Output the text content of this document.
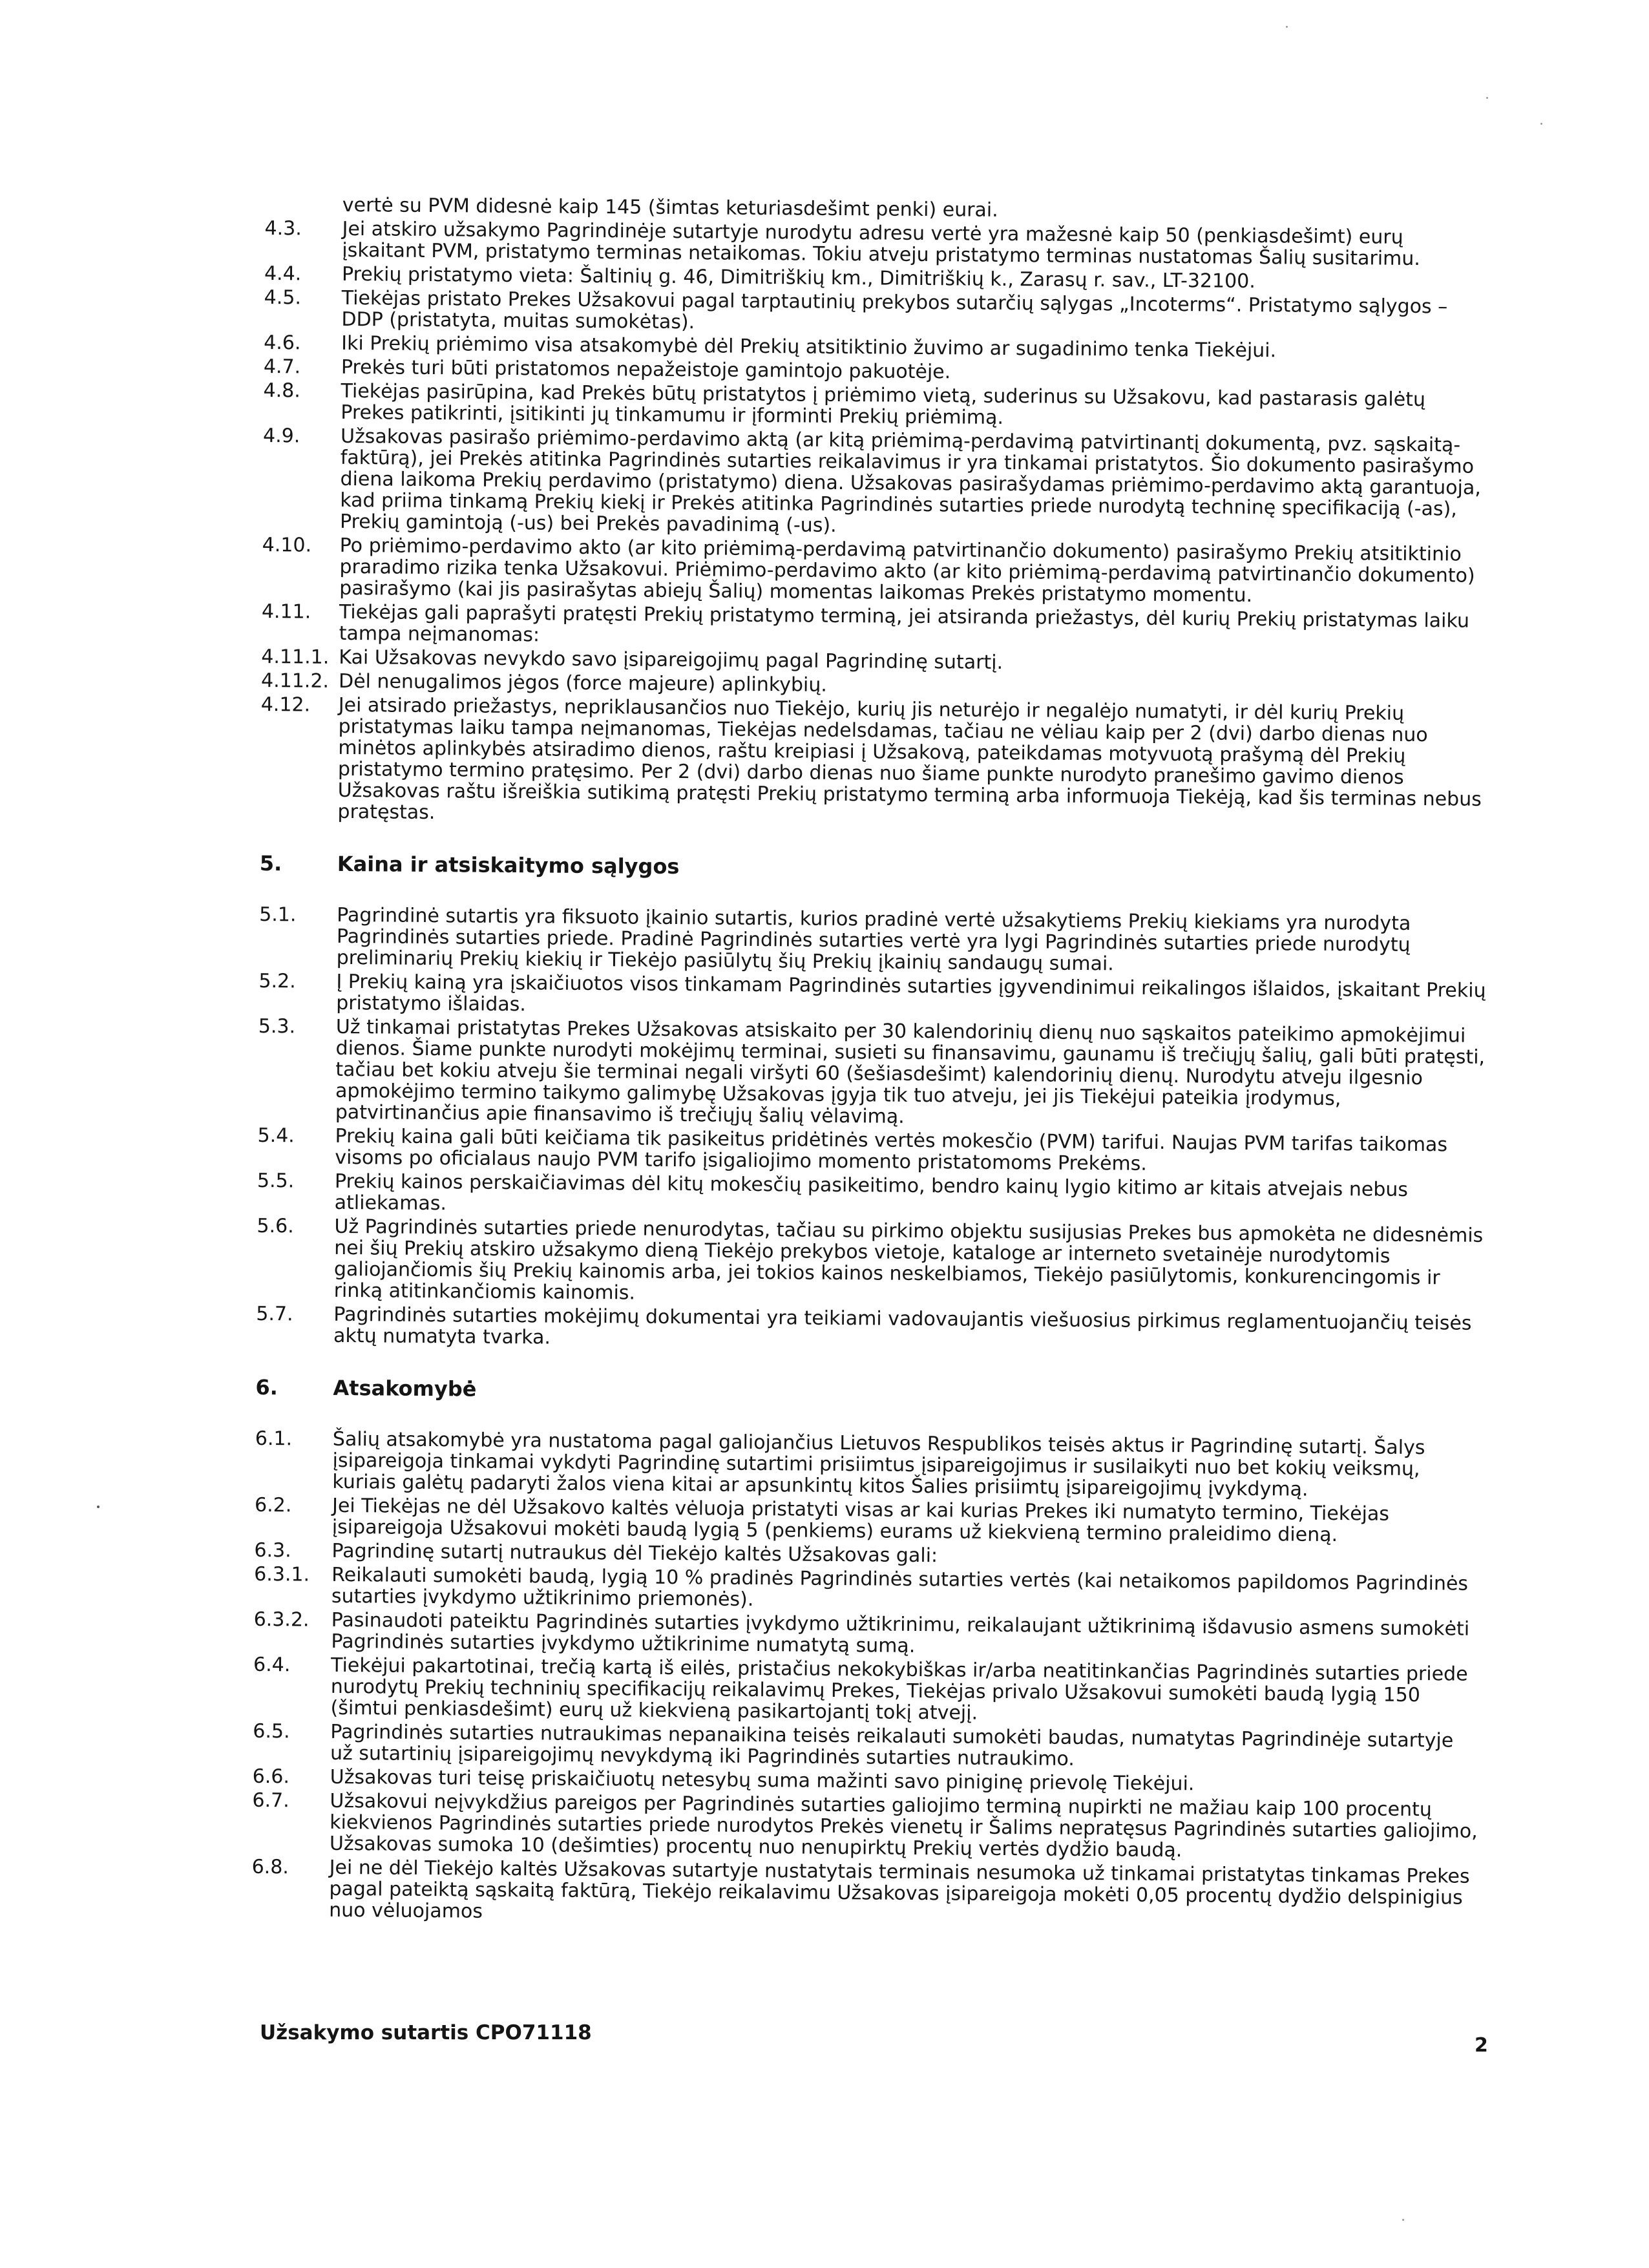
vertė su PVM didesnė kaip 145 (šimtas keturiasdešimt penki) eurai.
4.3. Jei atskiro užsakymo Pagrindinėje sutartyje nurodytu adresu vertė yra mažesnė kaip 50 (penkiasdešimt) eurų įskaitant PVM, pristatymo terminas netaikomas. Tokiu atveju pristatymo terminas nustatomas Šalių susitarimu.
4.4. Prekių pristatymo vieta: Šaltinių g. 46, Dimitriškių km., Dimitriškių k., Zarasų r. sav., LT-32100.
4.5. Tiekėjas pristato Prekes Užsakovui pagal tarptautinių prekybos sutarčių sąlygas „Incoterms“. Pristatymo sąlygos – DDP (pristatyta, muitas sumokėtas).
4.6. Iki Prekių priėmimo visa atsakomybė dėl Prekių atsitiktinio žuvimo ar sugadinimo tenka Tiekėjui.
4.7. Prekės turi būti pristatomos nepažeistoje gamintojo pakuotėje.
4.8. Tiekėjas pasirūpina, kad Prekės būtų pristatytos į priėmimo vietą, suderinus su Užsakovu, kad pastarasis galėtų Prekes patikrinti, įsitikinti jų tinkamumu ir įforminti Prekių priėmimą.
4.9. Užsakovas pasirašo priėmimo-perdavimo aktą (ar kitą priėmimą-perdavimą patvirtinantį dokumentą, pvz. sąskaitą-faktūrą), jei Prekės atitinka Pagrindinės sutarties reikalavimus ir yra tinkamai pristatytos. Šio dokumento pasirašymo diena laikoma Prekių perdavimo (pristatymo) diena. Užsakovas pasirašydamas priėmimo-perdavimo aktą garantuoja, kad priima tinkamą Prekių kiekį ir Prekės atitinka Pagrindinės sutarties priede nurodytą techninę specifikaciją (-as), Prekių gamintoją (-us) bei Prekės pavadinimą (-us).
4.10. Po priėmimo-perdavimo akto (ar kito priėmimą-perdavimą patvirtinančio dokumento) pasirašymo Prekių atsitiktinio praradimo rizika tenka Užsakovui. Priėmimo-perdavimo akto (ar kito priėmimą-perdavimą patvirtinančio dokumento) pasirašymo (kai jis pasirašytas abiejų Šalių) momentas laikomas Prekės pristatymo momentu.
4.11. Tiekėjas gali paprašyti pratęsti Prekių pristatymo terminą, jei atsiranda priežastys, dėl kurių Prekių pristatymas laiku tampa neįmanomas:
4.11.1. Kai Užsakovas nevykdo savo įsipareigojimų pagal Pagrindinę sutartį.
4.11.2. Dėl nenugalimos jėgos (force majeure) aplinkybių.
4.12. Jei atsirado priežastys, nepriklausančios nuo Tiekėjo, kurių jis neturėjo ir negalėjo numatyti, ir dėl kurių Prekių pristatymas laiku tampa neįmanomas, Tiekėjas nedelsdamas, tačiau ne vėliau kaip per 2 (dvi) darbo dienas nuo minėtos aplinkybės atsiradimo dienos, raštu kreipiasi į Užsakovą, pateikdamas motyvuotą prašymą dėl Prekių pristatymo termino pratęsimo. Per 2 (dvi) darbo dienas nuo šiame punkte nurodyto pranešimo gavimo dienos Užsakovas raštu išreiškia sutikimą pratęsti Prekių pristatymo terminą arba informuoja Tiekėją, kad šis terminas nebus pratęstas.
5.	Kaina ir atsiskaitymo sąlygos
5.1. Pagrindinė sutartis yra fiksuoto įkainio sutartis, kurios pradinė vertė užsakytiems Prekių kiekiams yra nurodyta Pagrindinės sutarties priede. Pradinė Pagrindinės sutarties vertė yra lygi Pagrindinės sutarties priede nurodytų preliminarių Prekių kiekių ir Tiekėjo pasiūlytų šių Prekių įkainių sandaugų sumai.
5.2. Į Prekių kainą yra įskaičiuotos visos tinkamam Pagrindinės sutarties įgyvendinimui reikalingos išlaidos, įskaitant Prekių pristatymo išlaidas.
5.3. Už tinkamai pristatytas Prekes Užsakovas atsiskaito per 30 kalendorinių dienų nuo sąskaitos pateikimo apmokėjimui dienos. Šiame punkte nurodyti mokėjimų terminai, susieti su finansavimu, gaunamu iš trečiųjų šalių, gali būti pratęsti, tačiau bet kokiu atveju šie terminai negali viršyti 60 (šešiasdešimt) kalendorinių dienų. Nurodytu atveju ilgesnio apmokėjimo termino taikymo galimybę Užsakovas įgyja tik tuo atveju, jei jis Tiekėjui pateikia įrodymus, patvirtinančius apie finansavimo iš trečiųjų šalių vėlavimą.
5.4. Prekių kaina gali būti keičiama tik pasikeitus pridėtinės vertės mokesčio (PVM) tarifui. Naujas PVM tarifas taikomas visoms po oficialaus naujo PVM tarifo įsigaliojimo momento pristatomoms Prekėms.
5.5. Prekių kainos perskaičiavimas dėl kitų mokesčių pasikeitimo, bendro kainų lygio kitimo ar kitais atvejais nebus atliekamas.
5.6. Už Pagrindinės sutarties priede nenurodytas, tačiau su pirkimo objektu susijusias Prekes bus apmokėta ne didesnėmis nei šių Prekių atskiro užsakymo dieną Tiekėjo prekybos vietoje, kataloge ar interneto svetainėje nurodytomis galiojančiomis šių Prekių kainomis arba, jei tokios kainos neskelbiamos, Tiekėjo pasiūlytomis, konkurencingomis ir rinką atitinkančiomis kainomis.
5.7. Pagrindinės sutarties mokėjimų dokumentai yra teikiami vadovaujantis viešuosius pirkimus reglamentuojančių teisės aktų numatyta tvarka.
6.	Atsakomybė
6.1. Šalių atsakomybė yra nustatoma pagal galiojančius Lietuvos Respublikos teisės aktus ir Pagrindinę sutartį. Šalys įsipareigoja tinkamai vykdyti Pagrindinę sutartimi prisiimtus įsipareigojimus ir susilaikyti nuo bet kokių veiksmų, kuriais galėtų padaryti žalos viena kitai ar apsunkintų kitos Šalies prisiimtų įsipareigojimų įvykdymą.
6.2. Jei Tiekėjas ne dėl Užsakovo kaltės vėluoja pristatyti visas ar kai kurias Prekes iki numatyto termino, Tiekėjas įsipareigoja Užsakovui mokėti baudą lygią 5 (penkiems) eurams už kiekvieną termino praleidimo dieną.
6.3. Pagrindinę sutartį nutraukus dėl Tiekėjo kaltės Užsakovas gali:
6.3.1. Reikalauti sumokėti baudą, lygią 10 % pradinės Pagrindinės sutarties vertės (kai netaikomos papildomos Pagrindinės sutarties įvykdymo užtikrinimo priemonės).
6.3.2. Pasinaudoti pateiktu Pagrindinės sutarties įvykdymo užtikrinimu, reikalaujant užtikrinimą išdavusio asmens sumokėti Pagrindinės sutarties įvykdymo užtikrinime numatytą sumą.
6.4. Tiekėjui pakartotinai, trečią kartą iš eilės, pristačius nekokybiškas ir/arba neatitinkančias Pagrindinės sutarties priede nurodytų Prekių techninių specifikacijų reikalavimų Prekes, Tiekėjas privalo Užsakovui sumokėti baudą lygią 150 (šimtui penkiasdešimt) eurų už kiekvieną pasikartojantį tokį atvejį.
6.5. Pagrindinės sutarties nutraukimas nepanaikina teisės reikalauti sumokėti baudas, numatytas Pagrindinėje sutartyje už sutartinių įsipareigojimų nevykdymą iki Pagrindinės sutarties nutraukimo.
6.6. Užsakovas turi teisę priskaičiuotų netesybų suma mažinti savo piniginę prievolę Tiekėjui.
6.7. Užsakovui neįvykdžius pareigos per Pagrindinės sutarties galiojimo terminą nupirkti ne mažiau kaip 100 procentų kiekvienos Pagrindinės sutarties priede nurodytos Prekės vienetų ir Šalims nepratęsus Pagrindinės sutarties galiojimo, Užsakovas sumoka 10 (dešimties) procentų nuo nenupirktų Prekių vertės dydžio baudą.
6.8. Jei ne dėl Tiekėjo kaltės Užsakovas sutartyje nustatytais terminais nesumoka už tinkamai pristatytas tinkamas Prekes pagal pateiktą sąskaitą faktūrą, Tiekėjo reikalavimu Užsakovas įsipareigoja mokėti 0,05 procentų dydžio delspinigius nuo vėluojamos
Užsakymo sutartis CPO71118
2
